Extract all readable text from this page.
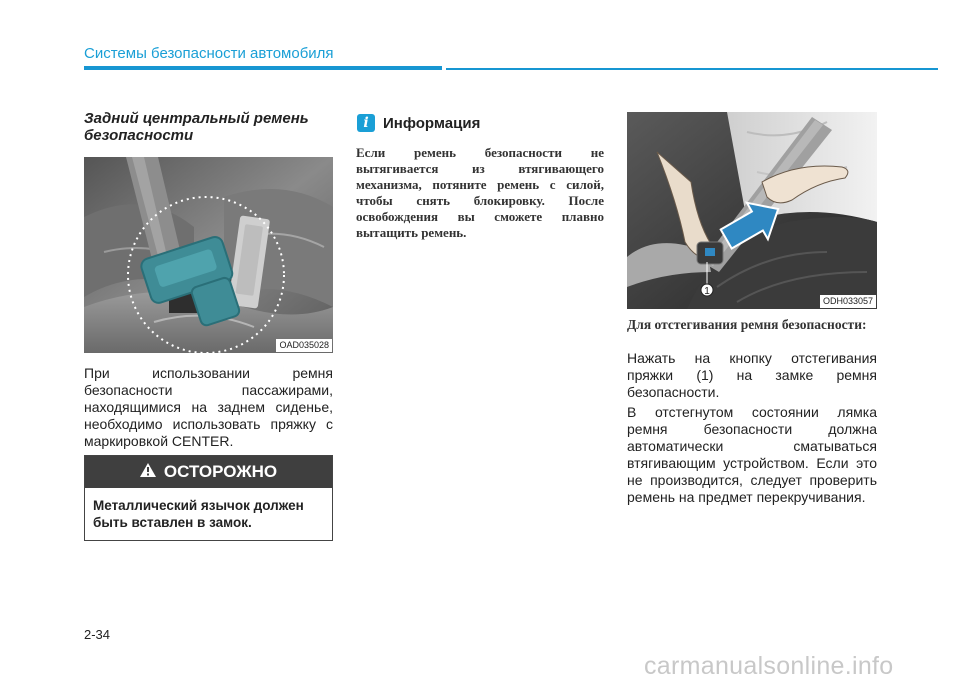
Системы безопасности автомобиля
Задний центральный ремень безопасности
OAD035028
При использовании ремня безопасности пассажирами, находящимися на заднем сиденье, необходимо использовать пряжку с маркировкой CENTER.
ОСТОРОЖНО
Металлический язычок должен быть вставлен в замок.
i Информация
Если ремень безопасности не вытягивается из втягивающего механизма, потяните ремень с силой, чтобы снять блокировку. После освобождения вы сможете плавно вытащить ремень.
1
ODH033057
Для отстегивания ремня безопасности:
Нажать на кнопку отстегивания пряжки (1) на замке ремня безопасности.
В отстегнутом состоянии лямка ремня безопасности должна автоматически сматываться втягивающим устройством. Если это не производится, следует проверить ремень на предмет перекручивания.
2-34
carmanualsonline.info
